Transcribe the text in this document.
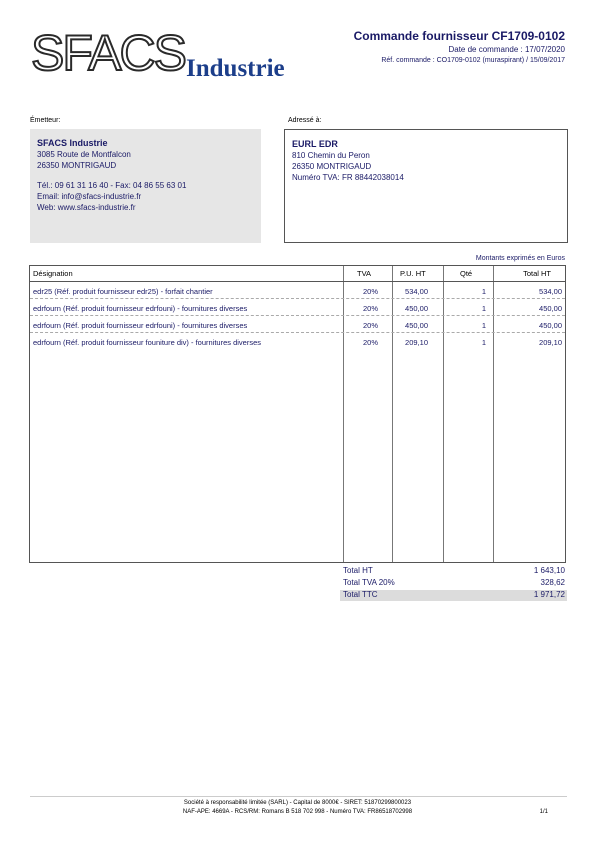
SFACS Industrie
Commande fournisseur CF1709-0102
Date de commande : 17/07/2020
Réf. commande : CO1709-0102 (muraspirant) / 15/09/2017
Émetteur:
SFACS Industrie
3085 Route de Montfalcon
26350 MONTRIGAUD
Tél.: 09 61 31 16 40 - Fax: 04 86 55 63 01
Email: info@sfacs-industrie.fr
Web: www.sfacs-industrie.fr
Adressé à:
EURL EDR
810 Chemin du Peron
26350 MONTRIGAUD
Numéro TVA: FR 88442038014
Montants exprimés en Euros
Désignation	TVA	P.U. HT	Qté	Total HT
edr25 (Réf. produit fournisseur edr25) - forfait chantier	20%	534,00	1	534,00
edrfourn (Réf. produit fournisseur edrfouni) - fournitures diverses	20%	450,00	1	450,00
edrfourn (Réf. produit fournisseur edrfouni) - fournitures diverses	20%	450,00	1	450,00
edrfourn (Réf. produit fournisseur founiture div) - fournitures diverses	20%	209,10	1	209,10
Total HT	1 643,10
Total TVA 20%	328,62
Total TTC	1 971,72
Société à responsabilité limitée (SARL) - Capital de 8000€ - SIRET: 51870299800023
NAF-APE: 4669A - RCS/RM: Romans B 518 702 998 - Numéro TVA: FR86518702998	1/1
